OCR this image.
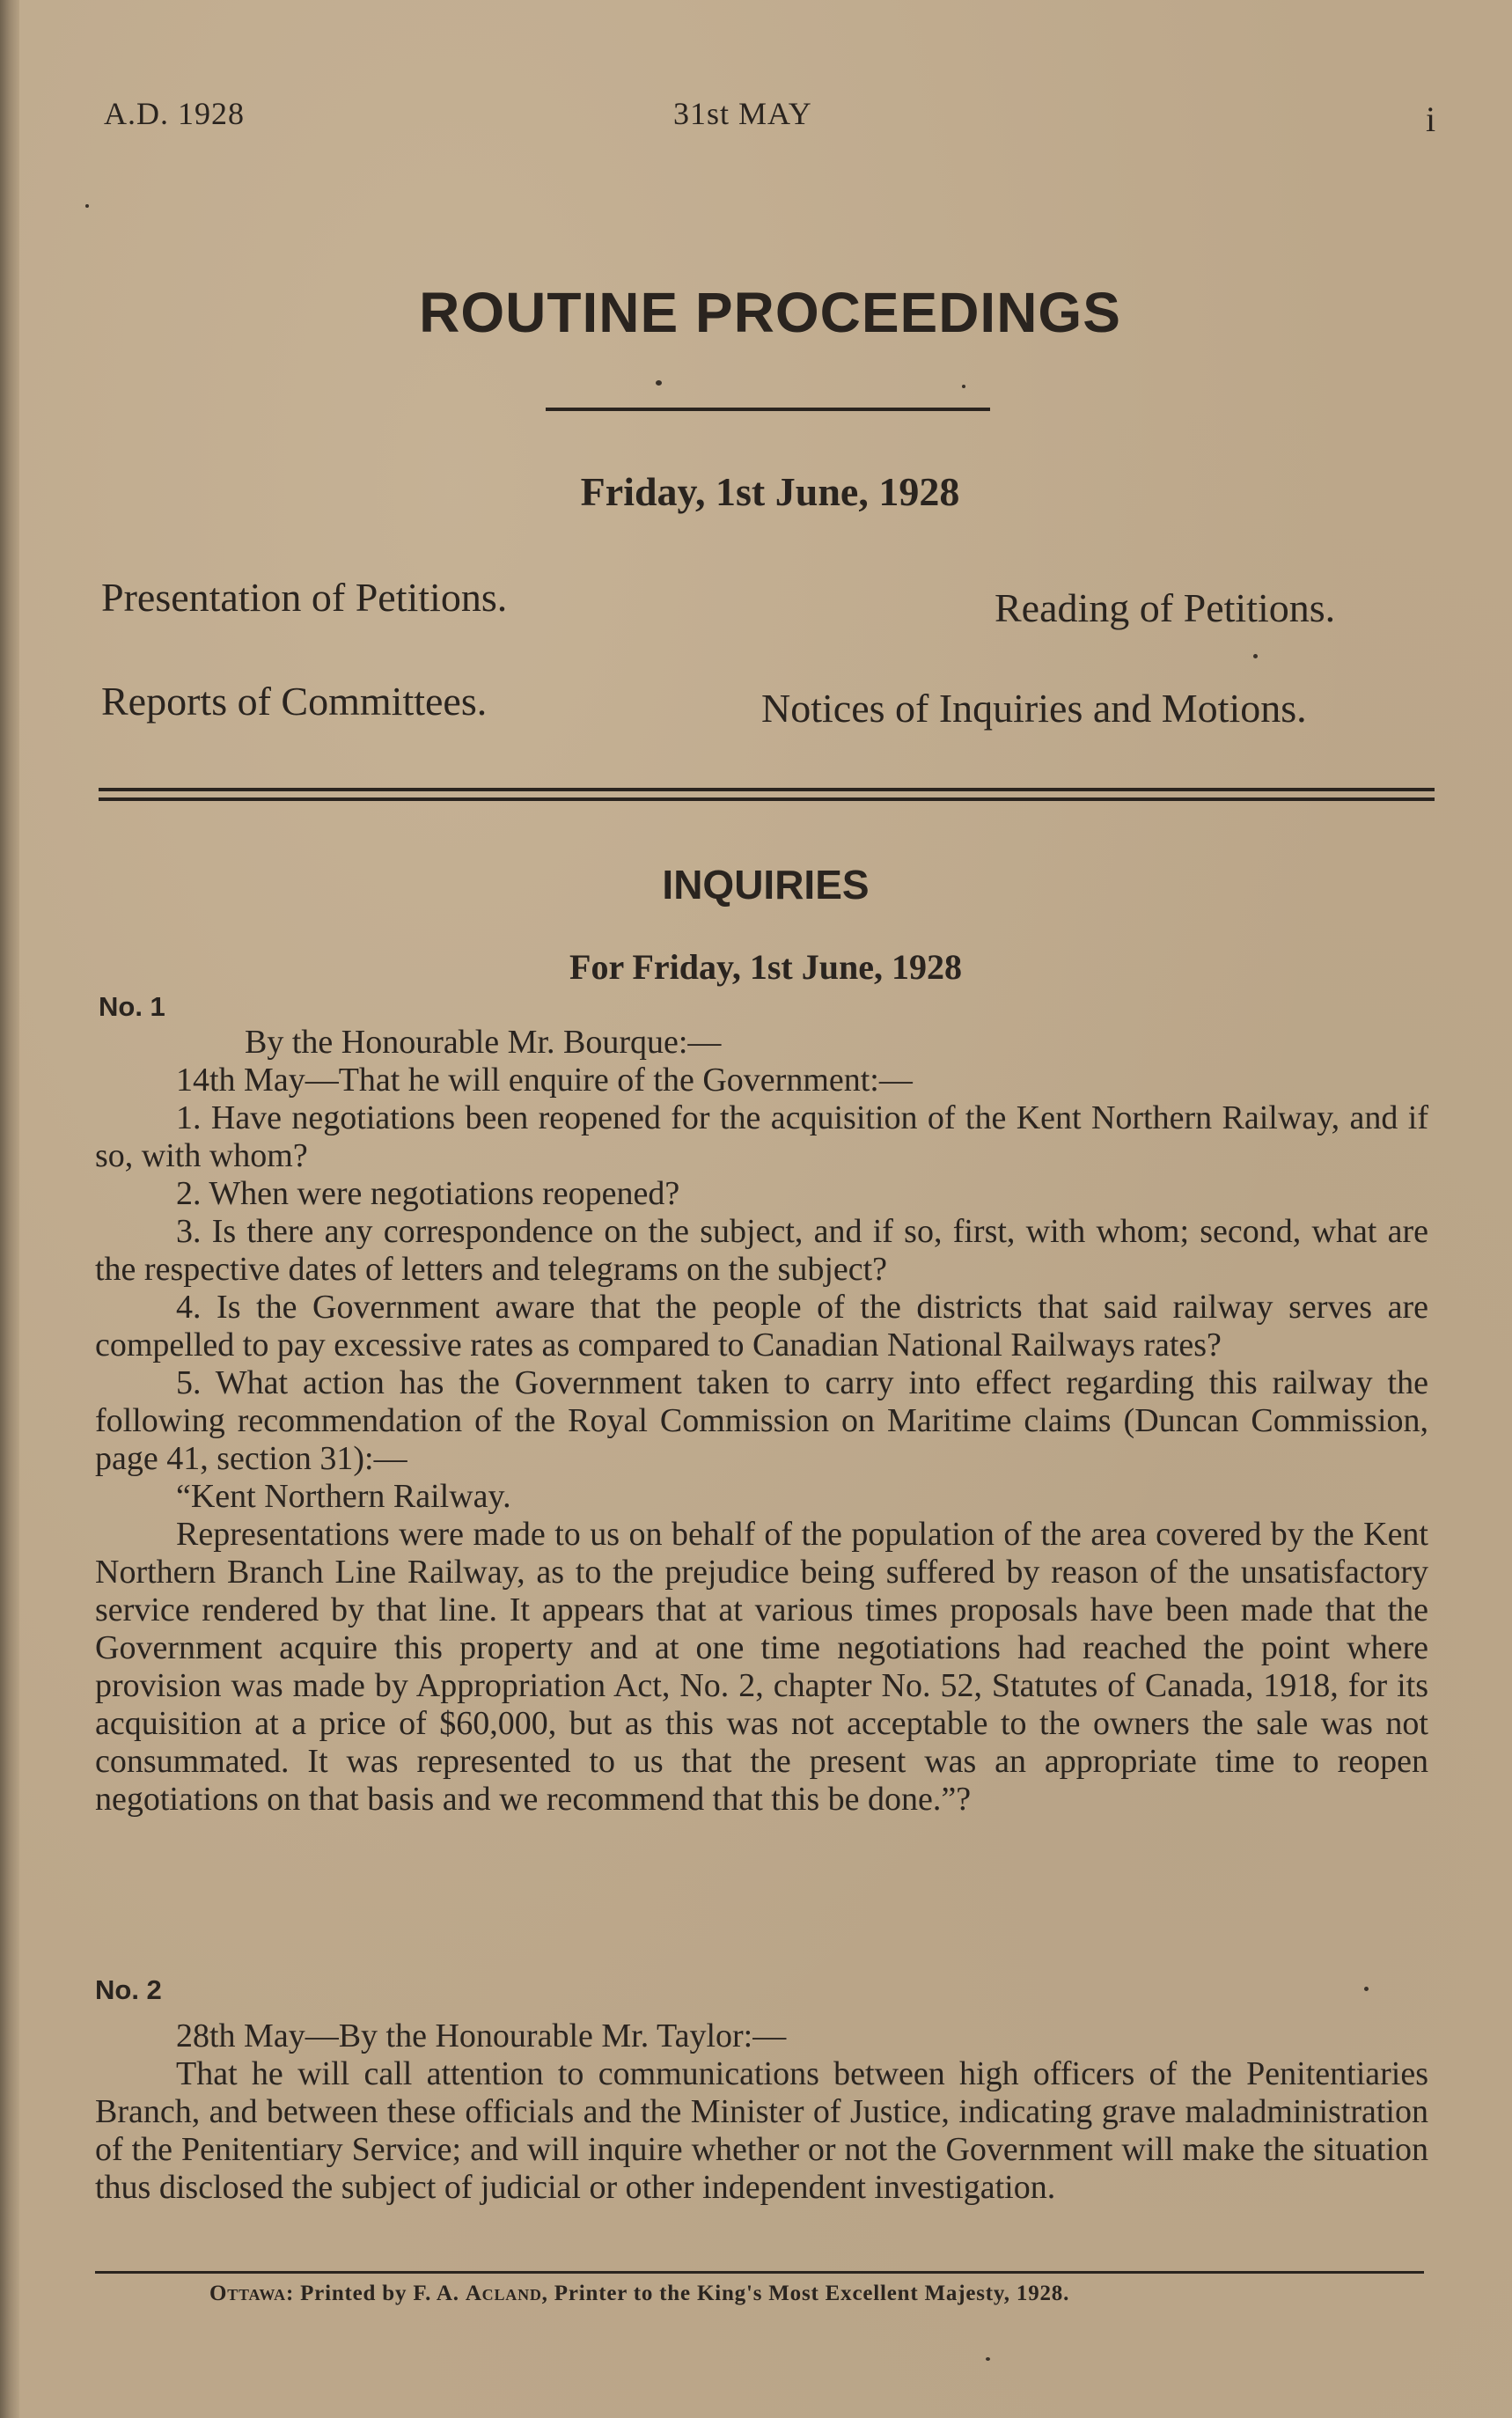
A.D. 1928	31st MAY	i
ROUTINE PROCEEDINGS
Friday, 1st June, 1928
Presentation of Petitions.	Reading of Petitions.
Reports of Committees.	Notices of Inquiries and Motions.
INQUIRIES
For Friday, 1st June, 1928
No. 1

By the Honourable Mr. Bourque:—

14th May—That he will enquire of the Government:—

1. Have negotiations been reopened for the acquisition of the Kent Northern Railway, and if so, with whom?

2. When were negotiations reopened?

3. Is there any correspondence on the subject, and if so, first, with whom; second, what are the respective dates of letters and telegrams on the subject?

4. Is the Government aware that the people of the districts that said railway serves are compelled to pay excessive rates as compared to Canadian National Railways rates?

5. What action has the Government taken to carry into effect regarding this railway the following recommendation of the Royal Commission on Maritime claims (Duncan Commission, page 41, section 31):—

“Kent Northern Railway.

Representations were made to us on behalf of the population of the area covered by the Kent Northern Branch Line Railway, as to the prejudice being suffered by reason of the unsatisfactory service rendered by that line. It appears that at various times proposals have been made that the Government acquire this property and at one time negotiations had reached the point where provision was made by Appropriation Act, No. 2, chapter No. 52, Statutes of Canada, 1918, for its acquisition at a price of $60,000, but as this was not acceptable to the owners the sale was not consummated. It was represented to us that the present was an appropriate time to reopen negotiations on that basis and we recommend that this be done.”?

No. 2

28th May—By the Honourable Mr. Taylor:—

That he will call attention to communications between high officers of the Penitentiaries Branch, and between these officials and the Minister of Justice, indicating grave maladministration of the Penitentiary Service; and will inquire whether or not the Government will make the situation thus disclosed the subject of judicial or other independent investigation.

Ottawa: Printed by F. A. Acland, Printer to the King's Most Excellent Majesty, 1928.
